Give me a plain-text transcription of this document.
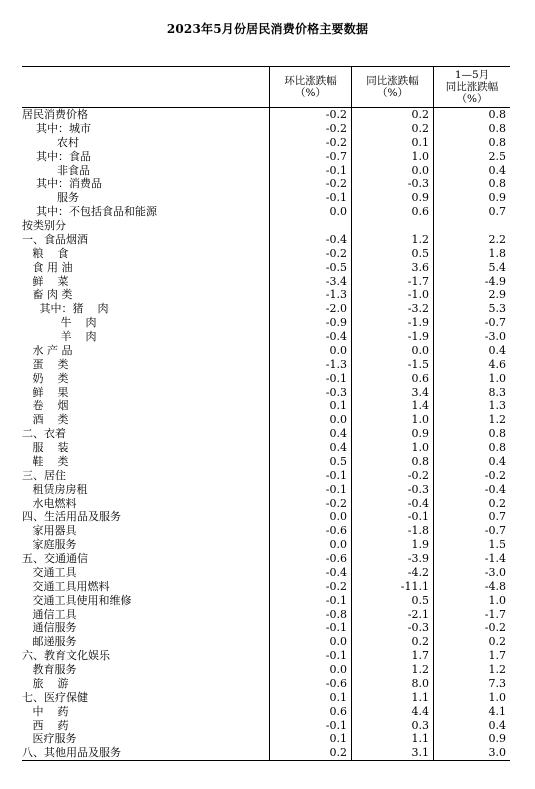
2023年5月份居民消费价格主要数据
环比涨跌幅
（%）
同比涨跌幅
（%）
1—5月
同比涨跌幅
（%）
居民消费价格	-0.2	0.2	0.8
其中：城市	-0.2	0.2	0.8
农村	-0.2	0.1	0.8
其中：食品	-0.7	1.0	2.5
非食品	-0.1	0.0	0.4
其中：消费品	-0.2	-0.3	0.8
服务	-0.1	0.9	0.9
其中：不包括食品和能源	0.0	0.6	0.7
按类别分
一、食品烟酒	-0.4	1.2	2.2
粮    食	-0.2	0.5	1.8
食 用 油	-0.5	3.6	5.4
鲜    菜	-3.4	-1.7	-4.9
畜 肉 类	-1.3	-1.0	2.9
其中：猪    肉	-2.0	-3.2	5.3
牛    肉	-0.9	-1.9	-0.7
羊    肉	-0.4	-1.9	-3.0
水 产 品	0.0	0.0	0.4
蛋    类	-1.3	-1.5	4.6
奶    类	-0.1	0.6	1.0
鲜    果	-0.3	3.4	8.3
卷    烟	0.1	1.4	1.3
酒    类	0.0	1.0	1.2
二、衣着	0.4	0.9	0.8
服    装	0.4	1.0	0.8
鞋    类	0.5	0.8	0.4
三、居住	-0.1	-0.2	-0.2
租赁房房租	-0.1	-0.3	-0.4
水电燃料	-0.2	-0.4	0.2
四、生活用品及服务	0.0	-0.1	0.7
家用器具	-0.6	-1.8	-0.7
家庭服务	0.0	1.9	1.5
五、交通通信	-0.6	-3.9	-1.4
交通工具	-0.4	-4.2	-3.0
交通工具用燃料	-0.2	-11.1	-4.8
交通工具使用和维修	-0.1	0.5	1.0
通信工具	-0.8	-2.1	-1.7
通信服务	-0.1	-0.3	-0.2
邮递服务	0.0	0.2	0.2
六、教育文化娱乐	-0.1	1.7	1.7
教育服务	0.0	1.2	1.2
旅    游	-0.6	8.0	7.3
七、医疗保健	0.1	1.1	1.0
中    药	0.6	4.4	4.1
西    药	-0.1	0.3	0.4
医疗服务	0.1	1.1	0.9
八、其他用品及服务	0.2	3.1	3.0
